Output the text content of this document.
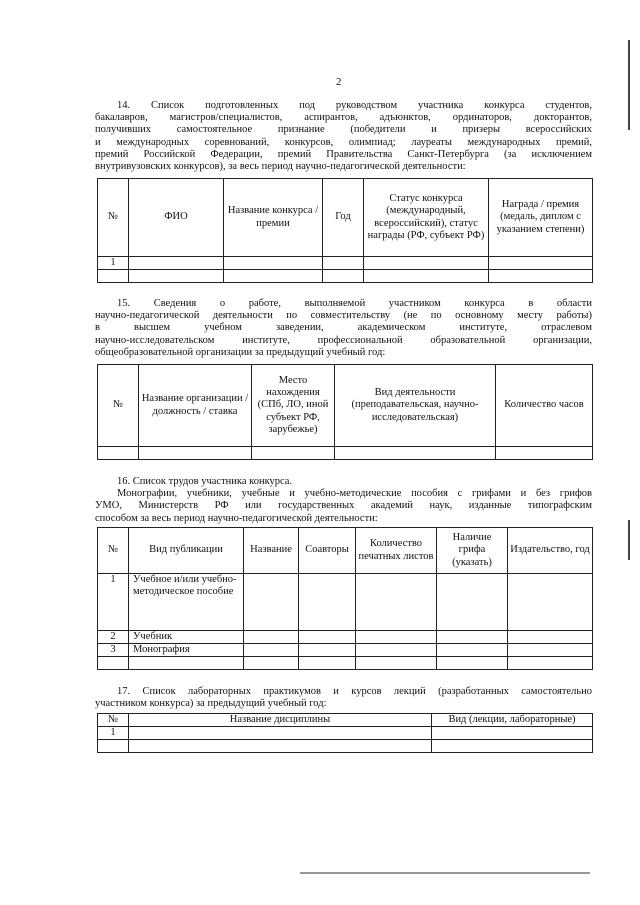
2
14. Список подготовленных под руководством участника конкурса студентов,
бакалавров, магистров/специалистов, аспирантов, адъюнктов, ординаторов, докторантов,
получивших самостоятельное признание (победители и призеры всероссийских
и международных соревнований, конкурсов, олимпиад; лауреаты международных премий,
премий Российской Федерации, премий Правительства Санкт-Петербурга (за исключением
внутривузовских конкурсов), за весь период научно-педагогической деятельности:
№	ФИО	Название конкурса / премии	Год	Статус конкурса (международный, всероссийский), статус награды (РФ, субъект РФ)	Награда / премия (медаль, диплом с указанием степени)
1					

15. Сведения о работе, выполняемой участником конкурса в области
научно-педагогической деятельности по совместительству (не по основному месту работы)
в высшем учебном заведении, академическом институте, отраслевом
научно-исследовательском институте, профессиональной образовательной организации,
общеобразовательной организации за предыдущий учебный год:
№	Название организации / должность / ставка	Место нахождения (СПб, ЛО, иной субъект РФ, зарубежье)	Вид деятельности (преподавательская, научно-исследовательская)	Количество часов

16. Список трудов участника конкурса.
Монографии, учебники, учебные и учебно-методические пособия с грифами и без грифов
УМО, Министерств РФ или государственных академий наук, изданные типографским
способом за весь период научно-педагогической деятельности:
№	Вид публикации	Название	Соавторы	Количество печатных листов	Наличие грифа (указать)	Издательство, год
1	Учебное и/или учебно-методическое пособие					
2	Учебник					
3	Монография					

17. Список лабораторных практикумов и курсов лекций (разработанных самостоятельно
участником конкурса) за предыдущий учебный год:
№	Название дисциплины	Вид (лекции, лабораторные)
1		
